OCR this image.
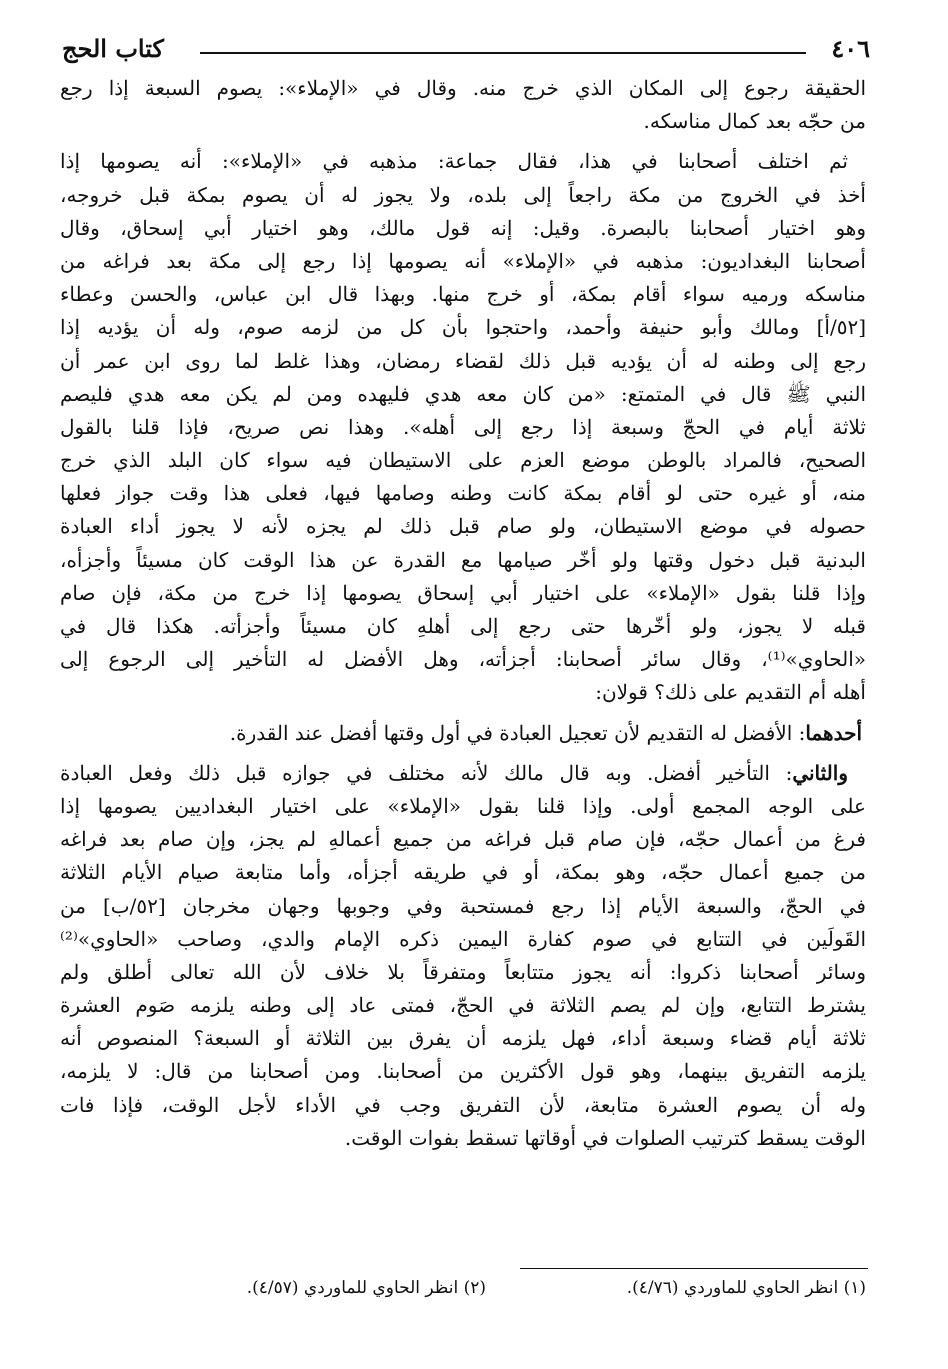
٤٠٦
كتاب الحج
الحقيقة رجوع إلى المكان الذي خرج منه. وقال في «الإملاء»: يصوم السبعة إذا رجع
من حجّه بعد كمال مناسكه.
ثم اختلف أصحابنا في هذا، فقال جماعة: مذهبه في «الإملاء»: أنه يصومها إذا
أخذ في الخروج من مكة راجعاً إلى بلده، ولا يجوز له أن يصوم بمكة قبل خروجه،
وهو اختيار أصحابنا بالبصرة. وقيل: إنه قول مالك، وهو اختيار أبي إسحاق، وقال
أصحابنا البغداديون: مذهبه في «الإملاء» أنه يصومها إذا رجع إلى مكة بعد فراغه من
مناسكه ورميه سواء أقام بمكة، أو خرج منها. وبهذا قال ابن عباس، والحسن وعطاء
[٥٢/أ] ومالك وأبو حنيفة وأحمد، واحتجوا بأن كل من لزمه صوم، وله أن يؤديه إذا
رجع إلى وطنه له أن يؤديه قبل ذلك لقضاء رمضان، وهذا غلط لما روى ابن عمر أن
النبي ﷺ قال في المتمتع: «من كان معه هدي فليهده ومن لم يكن معه هدي فليصم
ثلاثة أيام في الحجّ وسبعة إذا رجع إلى أهله». وهذا نص صريح، فإذا قلنا بالقول
الصحيح، فالمراد بالوطن موضع العزم على الاستيطان فيه سواء كان البلد الذي خرج
منه، أو غيره حتى لو أقام بمكة كانت وطنه وصامها فيها، فعلى هذا وقت جواز فعلها
حصوله في موضع الاستيطان، ولو صام قبل ذلك لم يجزه لأنه لا يجوز أداء العبادة
البدنية قبل دخول وقتها ولو أخّر صيامها مع القدرة عن هذا الوقت كان مسيئاً وأجزأه،
وإذا قلنا بقول «الإملاء» على اختيار أبي إسحاق يصومها إذا خرج من مكة، فإن صام
قبله لا يجوز، ولو أخّرها حتى رجع إلى أهلهِ كان مسيئاً وأجزأته. هكذا قال في
«الحاوي»⁽¹⁾، وقال سائر أصحابنا: أجزأته، وهل الأفضل له التأخير إلى الرجوع إلى
أهله أم التقديم على ذلك؟ قولان:
أحدهما: الأفضل له التقديم لأن تعجيل العبادة في أول وقتها أفضل عند القدرة.
والثاني: التأخير أفضل. وبه قال مالك لأنه مختلف في جوازه قبل ذلك وفعل العبادة
على الوجه المجمع أولى. وإذا قلنا بقول «الإملاء» على اختيار البغداديين يصومها إذا
فرغ من أعمال حجّه، فإن صام قبل فراغه من جميع أعمالهِ لم يجز، وإن صام بعد فراغه
من جميع أعمال حجّه، وهو بمكة، أو في طريقه أجزأه، وأما متابعة صيام الأيام الثلاثة
في الحجّ، والسبعة الأيام إذا رجع فمستحبة وفي وجوبها وجهان مخرجان [٥٢/ب] من
القَولَين في التتابع في صوم كفارة اليمين ذكره الإمام والدي، وصاحب «الحاوي»⁽²⁾
وسائر أصحابنا ذكروا: أنه يجوز متتابعاً ومتفرقاً بلا خلاف لأن الله تعالى أطلق ولم
يشترط التتابع، وإن لم يصم الثلاثة في الحجّ، فمتى عاد إلى وطنه يلزمه صَوم العشرة
ثلاثة أيام قضاء وسبعة أداء، فهل يلزمه أن يفرق بين الثلاثة أو السبعة؟ المنصوص أنه
يلزمه التفريق بينهما، وهو قول الأكثرين من أصحابنا. ومن أصحابنا من قال: لا يلزمه،
وله أن يصوم العشرة متابعة، لأن التفريق وجب في الأداء لأجل الوقت، فإذا فات
الوقت يسقط كترتيب الصلوات في أوقاتها تسقط بفوات الوقت.
(١) انظر الحاوي للماوردي (٤/٧٦).
(٢) انظر الحاوي للماوردي (٤/٥٧).
